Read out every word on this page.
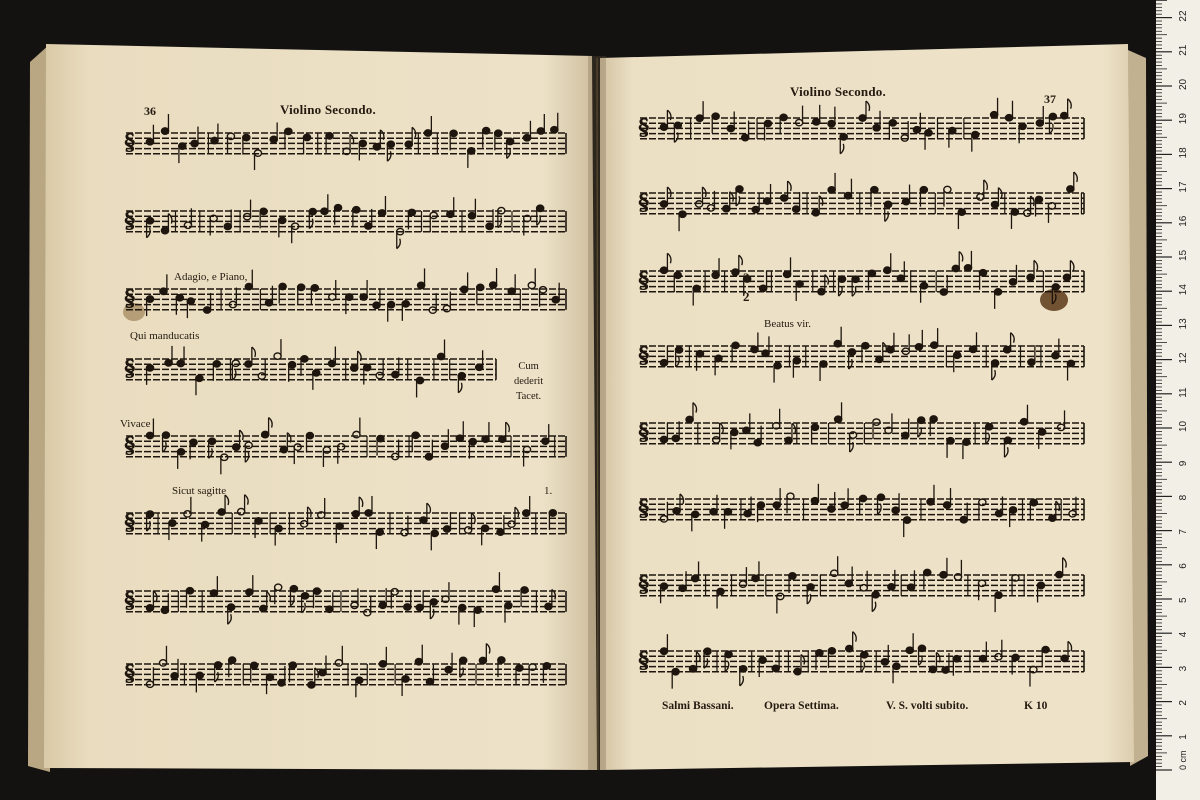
§
§
§
§
§
§
§
§
§
§
§
§
§
§
§
§
36	Violino Secondo.
Adagio, e Piano,
Qui manducatis
Vivace
Sicut sagitte	1.
Cum
dederit
Tacet.
Violino Secondo.	37
3
2
Beatus vir.
Salmi Bassani.	Opera Settima.	V. S. volti subito.	K 10
0 cm
1
2
3
4
5
6
7
8
9
10
11
12
13
14
15
16
17
18
19
20
21
22
